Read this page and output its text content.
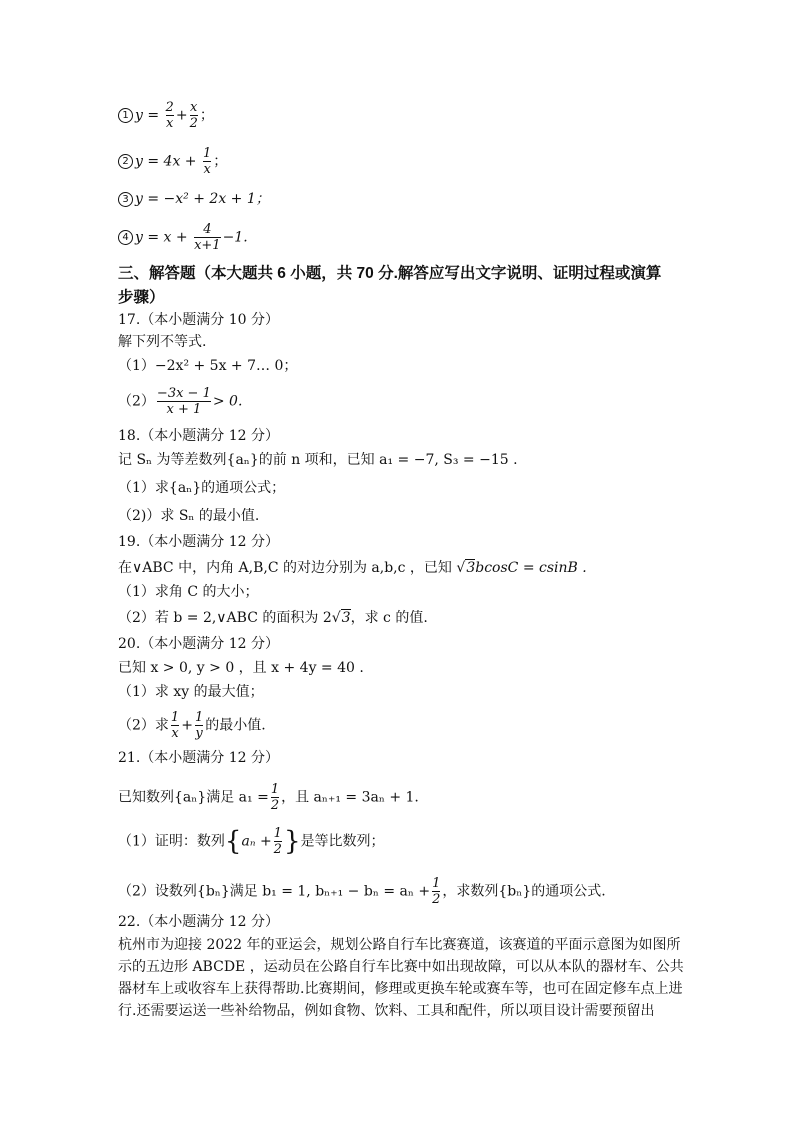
1 $y = \frac{2}{x} + \frac{x}{2}$ ；
2 $y = 4x + \frac{1}{x}$ ；
3 y = −x² + 2x + 1；
4 $y = x + \frac{4}{x+1} -1$.
三、解答题（本大题共 6 小题，共 70 分.解答应写出文字说明、证明过程或演算
步骤）
17.（本小题满分 10 分）
解下列不等式.
（1）−2x² + 5x + 7… 0；
$(2) \frac{-3x - 1}{x + 1} > 0$.
18.（本小题满分 12 分）
记 Sₙ 为等差数列{aₙ}的前 n 项和，已知 a₁ = −7, S₃ = −15 .
（1）求{aₙ}的通项公式；
（2)）求 Sₙ 的最小值.
19.（本小题满分 12 分）
在∨ABC 中，内角 A,B,C 的对边分别为 a,b,c ，已知 √3bcosC = csinB .
（1）求角 C 的大小；
（2）若 b = 2,∨ABC 的面积为 2√3，求 c 的值.
20.（本小题满分 12 分）
已知 x > 0, y > 0 ，且 x + 4y = 40 .
（1）求 xy 的最大值；
（2）求 $\frac{1}{x} + \frac{1}{y}$ 的最小值.
21.（本小题满分 12 分）
已知数列{aₙ}满足 $a_1 = \frac{1}{2}$ ，且 aₙ₊₁ = 3aₙ + 1.
（1）证明：数列{$a_n + \frac{1}{2}$ }是等比数列；
（2）设数列{bₙ}满足 b₁ = 1, $b_{n+1} - b_n = a_n + \frac{1}{2}$ ，求数列{bₙ}的通项公式.
22.（本小题满分 12 分）
杭州市为迎接 2022 年的亚运会，规划公路自行车比赛赛道，该赛道的平面示意图为如图所示的五边形 ABCDE ，运动员在公路自行车比赛中如出现故障，可以从本队的器材车、公共器材车上或收容车上获得帮助.比赛期间，修理或更换车轮或赛车等，也可在固定修车点上进行.还需要运送一些补给物品，例如食物、饮料、工具和配件，所以项目设计需要预留出
